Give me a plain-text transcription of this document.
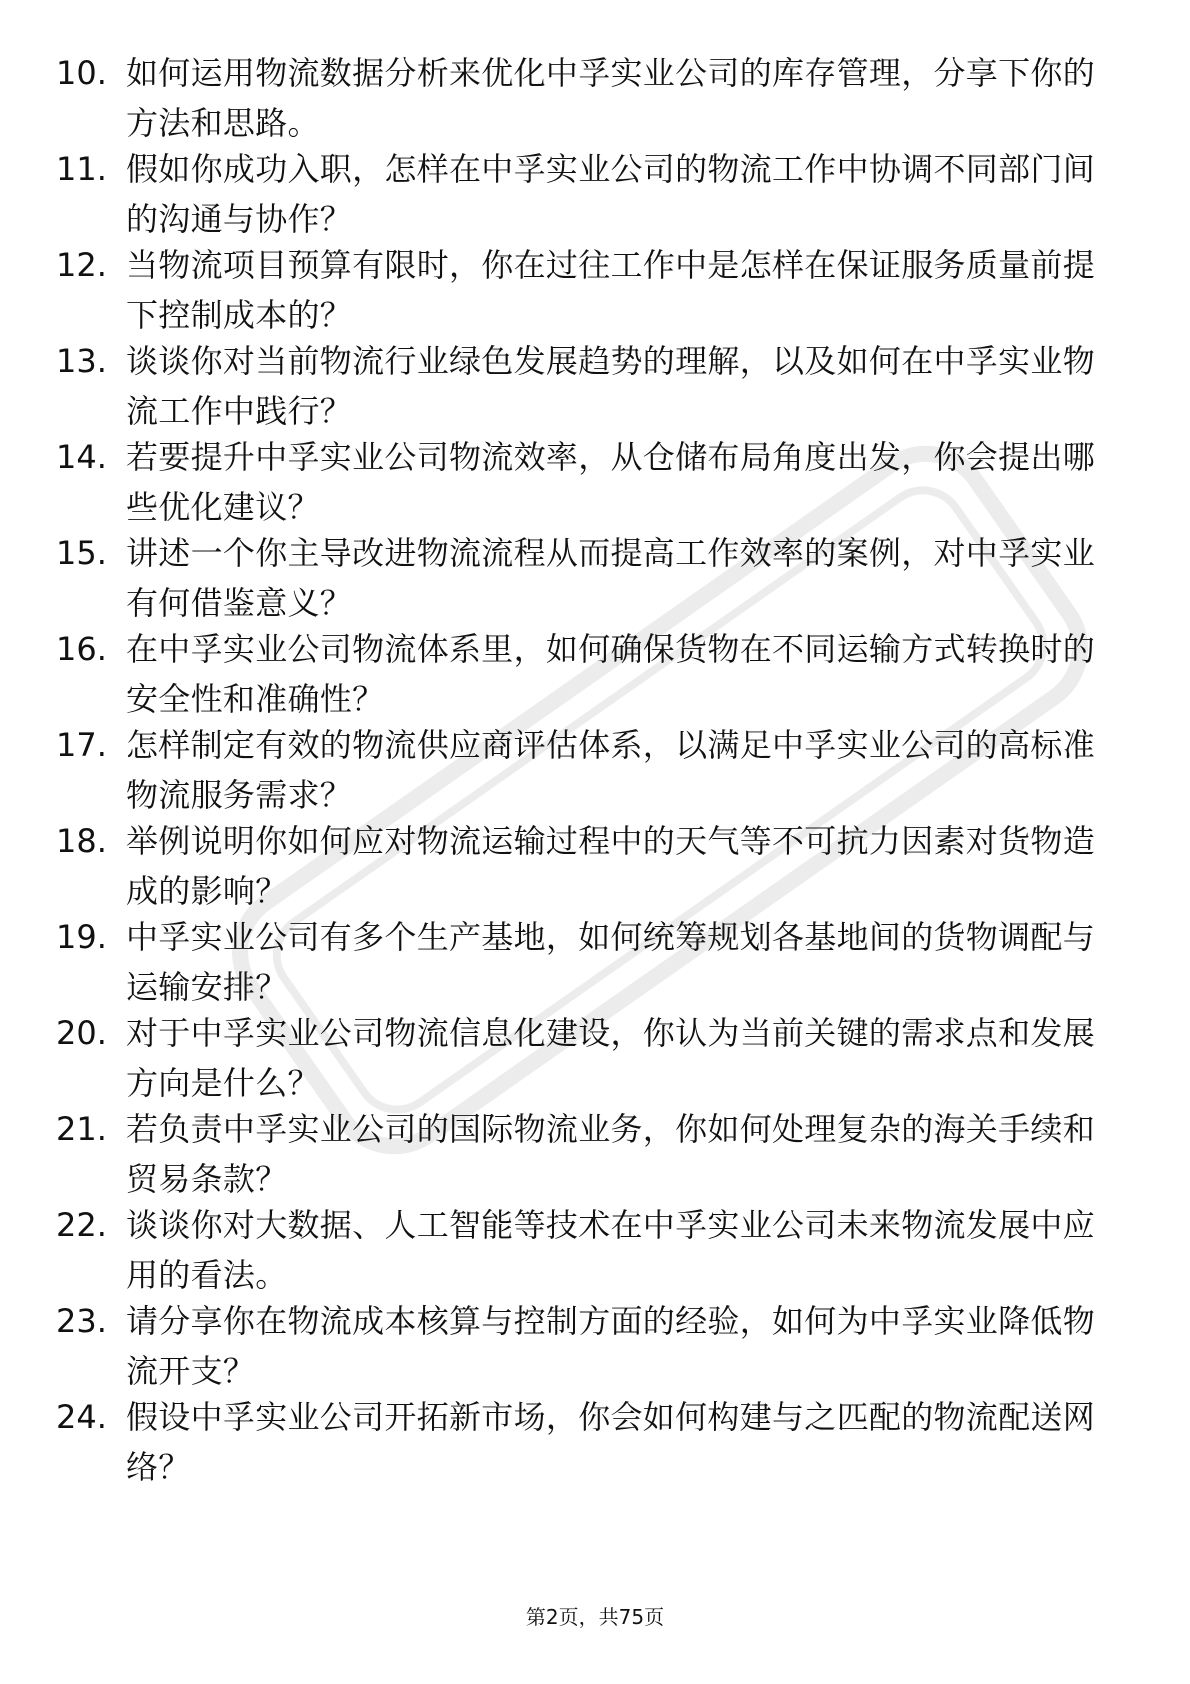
10. 如何运用物流数据分析来优化中孚实业公司的库存管理，分享下你的方法和思路。
11. 假如你成功入职，怎样在中孚实业公司的物流工作中协调不同部门间的沟通与协作？
12. 当物流项目预算有限时，你在过往工作中是怎样在保证服务质量前提下控制成本的？
13. 谈谈你对当前物流行业绿色发展趋势的理解，以及如何在中孚实业物流工作中践行？
14. 若要提升中孚实业公司物流效率，从仓储布局角度出发，你会提出哪些优化建议？
15. 讲述一个你主导改进物流流程从而提高工作效率的案例，对中孚实业有何借鉴意义？
16. 在中孚实业公司物流体系里，如何确保货物在不同运输方式转换时的安全性和准确性？
17. 怎样制定有效的物流供应商评估体系，以满足中孚实业公司的高标准物流服务需求？
18. 举例说明你如何应对物流运输过程中的天气等不可抗力因素对货物造成的影响？
19. 中孚实业公司有多个生产基地，如何统筹规划各基地间的货物调配与运输安排？
20. 对于中孚实业公司物流信息化建设，你认为当前关键的需求点和发展方向是什么？
21. 若负责中孚实业公司的国际物流业务，你如何处理复杂的海关手续和贸易条款？
22. 谈谈你对大数据、人工智能等技术在中孚实业公司未来物流发展中应用的看法。
23. 请分享你在物流成本核算与控制方面的经验，如何为中孚实业降低物流开支？
24. 假设中孚实业公司开拓新市场，你会如何构建与之匹配的物流配送网络？
第2页，共75页
